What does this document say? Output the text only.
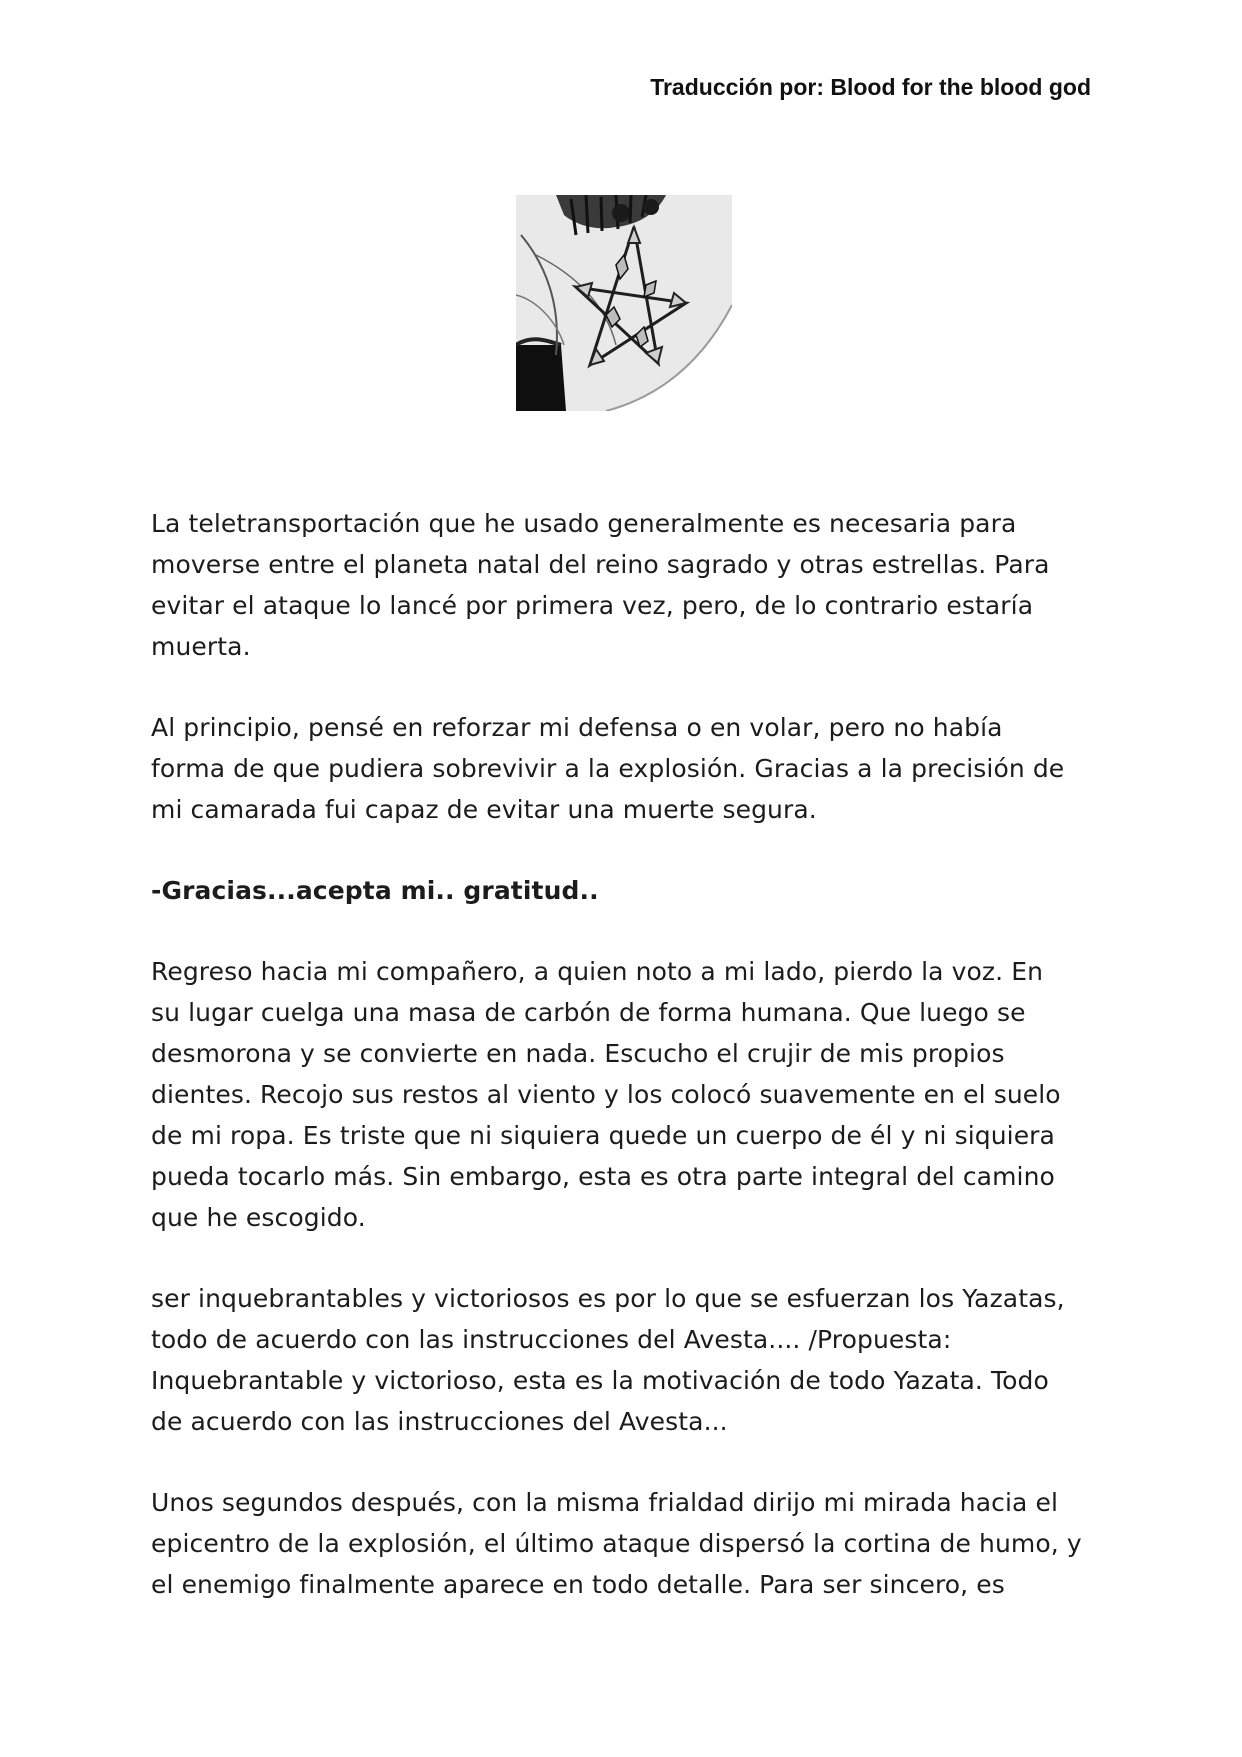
Traducción por: Blood for the blood god

La teletransportación que he usado generalmente es necesaria para
moverse entre el planeta natal del reino sagrado y otras estrellas. Para
evitar el ataque lo lancé por primera vez, pero, de lo contrario estaría
muerta.

Al principio, pensé en reforzar mi defensa o en volar, pero no había
forma de que pudiera sobrevivir a la explosión. Gracias a la precisión de
mi camarada fui capaz de evitar una muerte segura.

-Gracias...acepta mi.. gratitud..

Regreso hacia mi compañero, a quien noto a mi lado, pierdo la voz. En
su lugar cuelga una masa de carbón de forma humana. Que luego se
desmorona y se convierte en nada. Escucho el crujir de mis propios
dientes. Recojo sus restos al viento y los colocó suavemente en el suelo
de mi ropa. Es triste que ni siquiera quede un cuerpo de él y ni siquiera
pueda tocarlo más. Sin embargo, esta es otra parte integral del camino
que he escogido.

ser inquebrantables y victoriosos es por lo que se esfuerzan los Yazatas,
todo de acuerdo con las instrucciones del Avesta.... /Propuesta:
Inquebrantable y victorioso, esta es la motivación de todo Yazata. Todo
de acuerdo con las instrucciones del Avesta...

Unos segundos después, con la misma frialdad dirijo mi mirada hacia el
epicentro de la explosión, el último ataque dispersó la cortina de humo, y
el enemigo finalmente aparece en todo detalle. Para ser sincero, es
